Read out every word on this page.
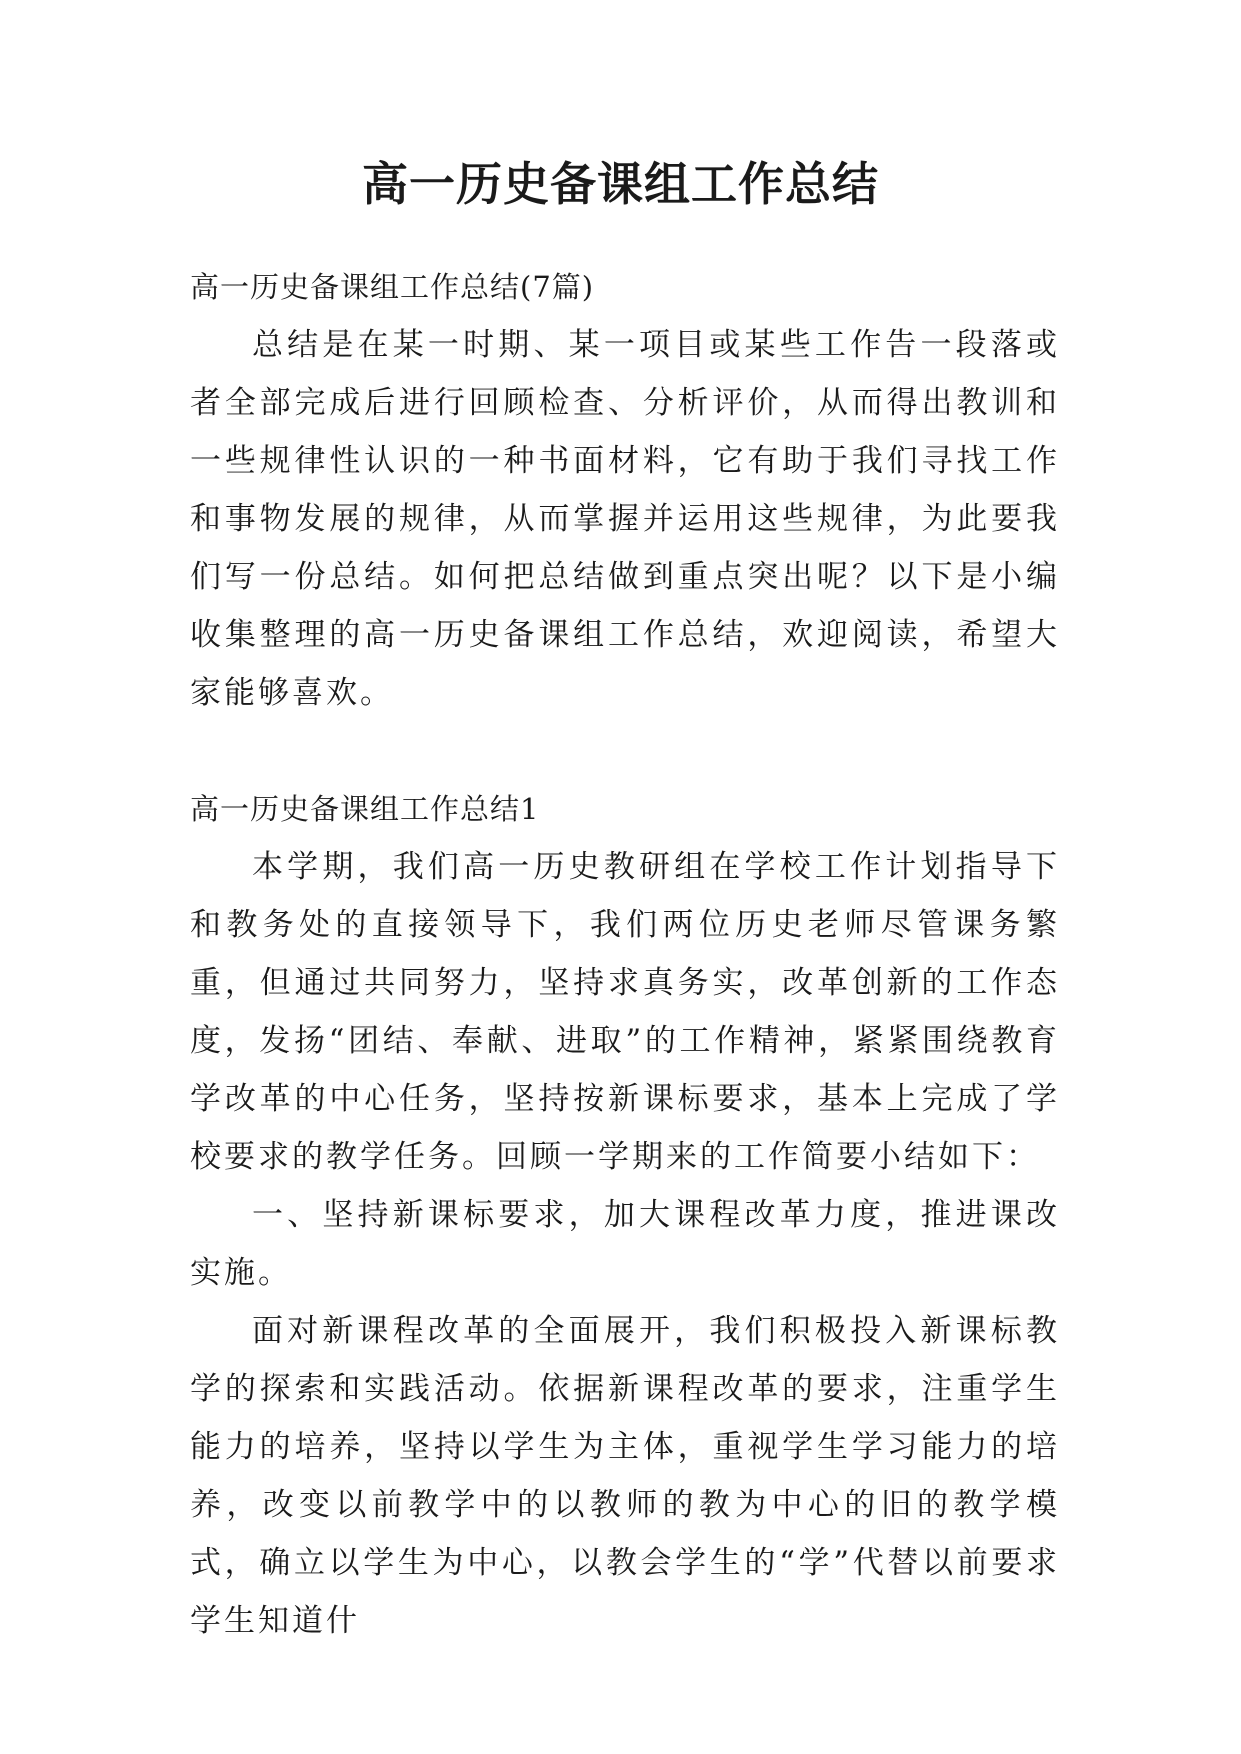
高一历史备课组工作总结

高一历史备课组工作总结(7篇)

总结是在某一时期、某一项目或某些工作告一段落或者全部完成后进行回顾检查、分析评价，从而得出教训和一些规律性认识的一种书面材料，它有助于我们寻找工作和事物发展的规律，从而掌握并运用这些规律，为此要我们写一份总结。如何把总结做到重点突出呢？以下是小编收集整理的高一历史备课组工作总结，欢迎阅读，希望大家能够喜欢。

高一历史备课组工作总结1

本学期，我们高一历史教研组在学校工作计划指导下和教务处的直接领导下，我们两位历史老师尽管课务繁重，但通过共同努力，坚持求真务实，改革创新的工作态度，发扬“团结、奉献、进取”的工作精神，紧紧围绕教育学改革的中心任务，坚持按新课标要求，基本上完成了学校要求的教学任务。回顾一学期来的工作简要小结如下：

一、坚持新课标要求，加大课程改革力度，推进课改实施。

面对新课程改革的全面展开，我们积极投入新课标教学的探索和实践活动。依据新课程改革的要求，注重学生能力的培养，坚持以学生为主体，重视学生学习能力的培养，改变以前教学中的以教师的教为中心的旧的教学模式，确立以学生为中心，以教会学生的“学”代替以前要求学生知道什
